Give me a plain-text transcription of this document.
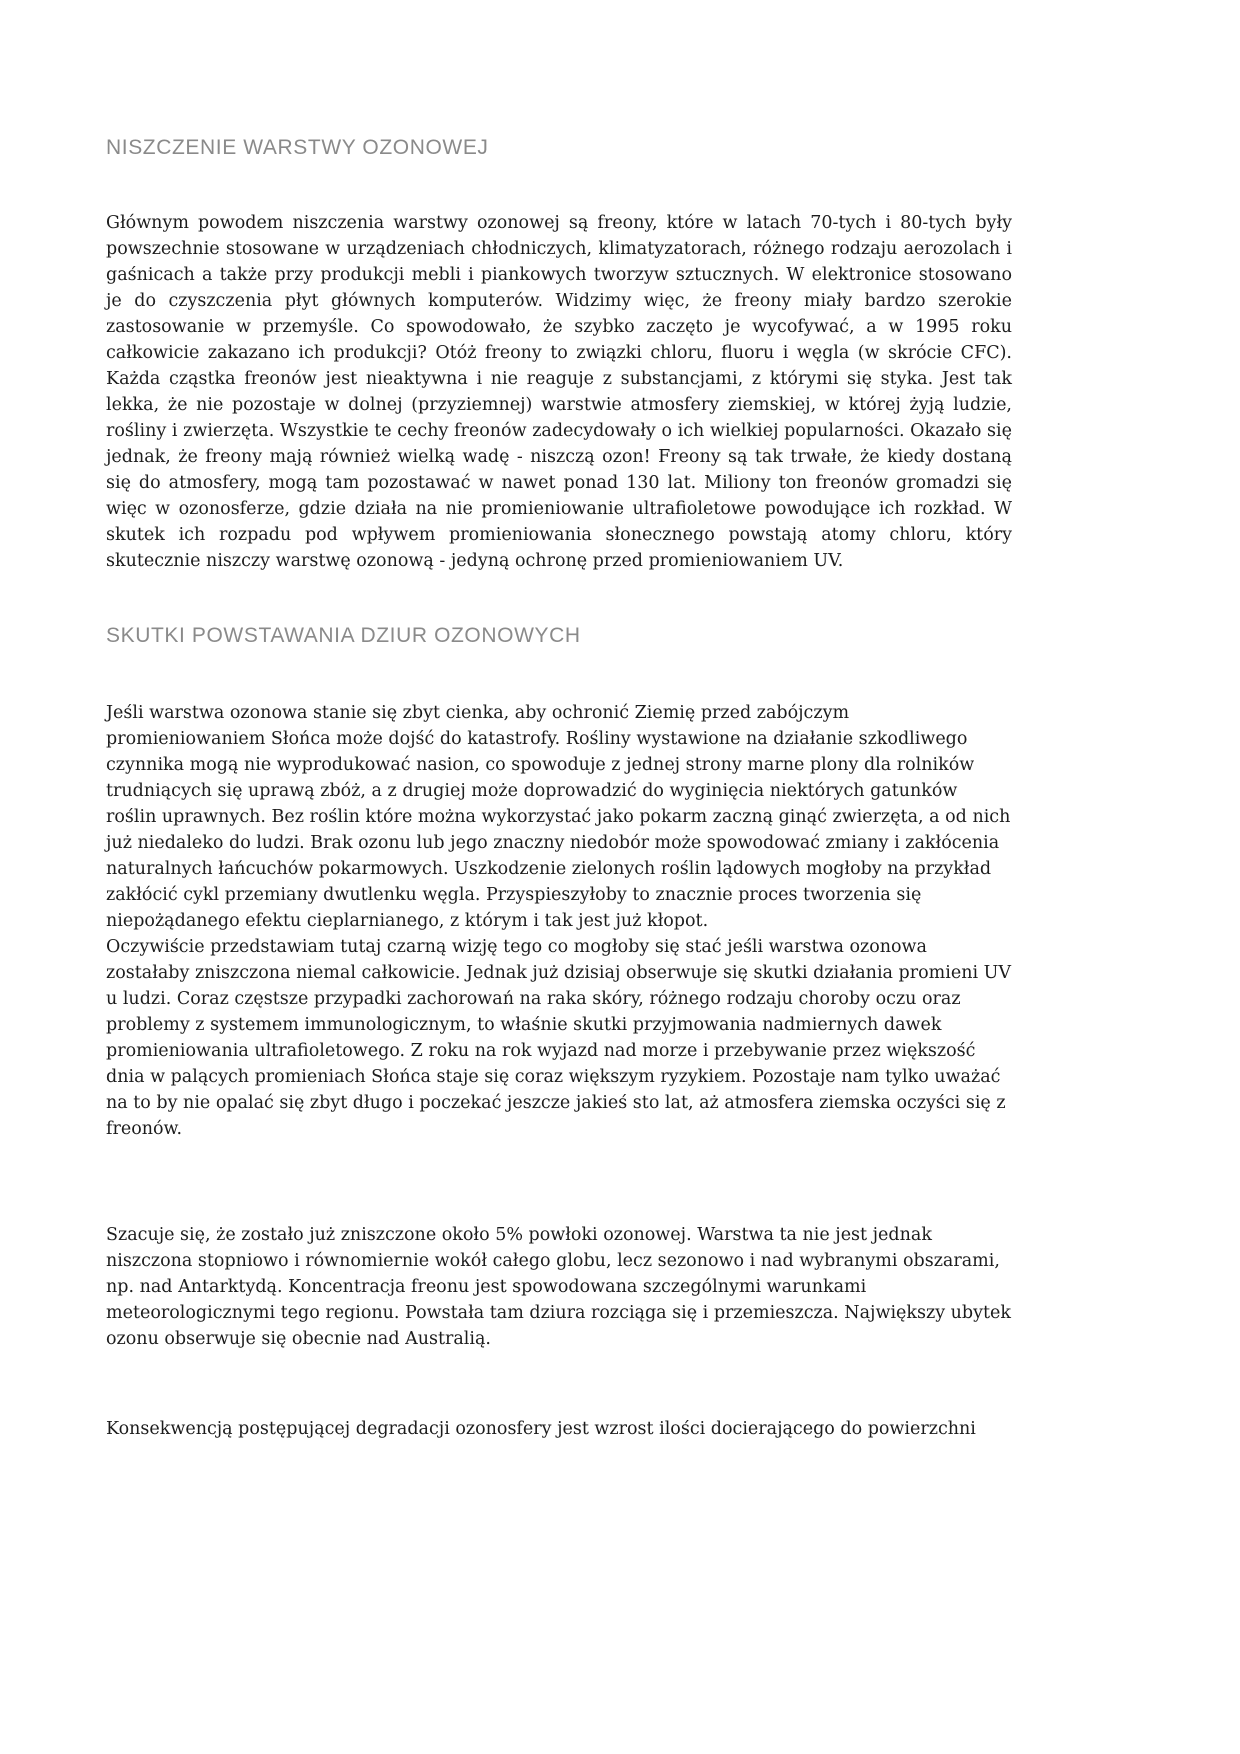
NISZCZENIE WARSTWY OZONOWEJ

Głównym powodem niszczenia warstwy ozonowej są freony, które w latach 70-tych i 80-tych były powszechnie stosowane w urządzeniach chłodniczych, klimatyzatorach, różnego rodzaju aerozolach i gaśnicach a także przy produkcji mebli i piankowych tworzyw sztucznych. W elektronice stosowano je do czyszczenia płyt głównych komputerów. Widzimy więc, że freony miały bardzo szerokie zastosowanie w przemyśle. Co spowodowało, że szybko zaczęto je wycofywać, a w 1995 roku całkowicie zakazano ich produkcji? Otóż freony to związki chloru, fluoru i węgla (w skrócie CFC). Każda cząstka freonów jest nieaktywna i nie reaguje z substancjami, z którymi się styka. Jest tak lekka, że nie pozostaje w dolnej (przyziemnej) warstwie atmosfery ziemskiej, w której żyją ludzie, rośliny i zwierzęta. Wszystkie te cechy freonów zadecydowały o ich wielkiej popularności. Okazało się jednak, że freony mają również wielką wadę - niszczą ozon! Freony są tak trwałe, że kiedy dostaną się do atmosfery, mogą tam pozostawać w nawet ponad 130 lat. Miliony ton freonów gromadzi się więc w ozonosferze, gdzie działa na nie promieniowanie ultrafioletowe powodujące ich rozkład. W skutek ich rozpadu pod wpływem promieniowania słonecznego powstają atomy chloru, który skutecznie niszczy warstwę ozonową - jedyną ochronę przed promieniowaniem UV.

SKUTKI POWSTAWANIA DZIUR OZONOWYCH

Jeśli warstwa ozonowa stanie się zbyt cienka, aby ochronić Ziemię przed zabójczym promieniowaniem Słońca może dojść do katastrofy. Rośliny wystawione na działanie szkodliwego czynnika mogą nie wyprodukować nasion, co spowoduje z jednej strony marne plony dla rolników trudniących się uprawą zbóż, a z drugiej może doprowadzić do wyginięcia niektórych gatunków roślin uprawnych. Bez roślin które można wykorzystać jako pokarm zaczną ginąć zwierzęta, a od nich już niedaleko do ludzi. Brak ozonu lub jego znaczny niedobór może spowodować zmiany i zakłócenia naturalnych łańcuchów pokarmowych. Uszkodzenie zielonych roślin lądowych mogłoby na przykład zakłócić cykl przemiany dwutlenku węgla. Przyspieszyłoby to znacznie proces tworzenia się niepożądanego efektu cieplarnianego, z którym i tak jest już kłopot.

Oczywiście przedstawiam tutaj czarną wizję tego co mogłoby się stać jeśli warstwa ozonowa zostałaby zniszczona niemal całkowicie. Jednak już dzisiaj obserwuje się skutki działania promieni UV u ludzi. Coraz częstsze przypadki zachorowań na raka skóry, różnego rodzaju choroby oczu oraz problemy z systemem immunologicznym, to właśnie skutki przyjmowania nadmiernych dawek promieniowania ultrafioletowego. Z roku na rok wyjazd nad morze i przebywanie przez większość dnia w palących promieniach Słońca staje się coraz większym ryzykiem. Pozostaje nam tylko uważać na to by nie opalać się zbyt długo i poczekać jeszcze jakieś sto lat, aż atmosfera ziemska oczyści się z freonów.

Szacuje się, że zostało już zniszczone około 5% powłoki ozonowej. Warstwa ta nie jest jednak niszczona stopniowo i równomiernie wokół całego globu, lecz sezonowo i nad wybranymi obszarami, np. nad Antarktydą. Koncentracja freonu jest spowodowana szczególnymi warunkami meteorologicznymi tego regionu. Powstała tam dziura rozciąga się i przemieszcza. Największy ubytek ozonu obserwuje się obecnie nad Australią.

Konsekwencją postępującej degradacji ozonosfery jest wzrost ilości docierającego do powierzchni
